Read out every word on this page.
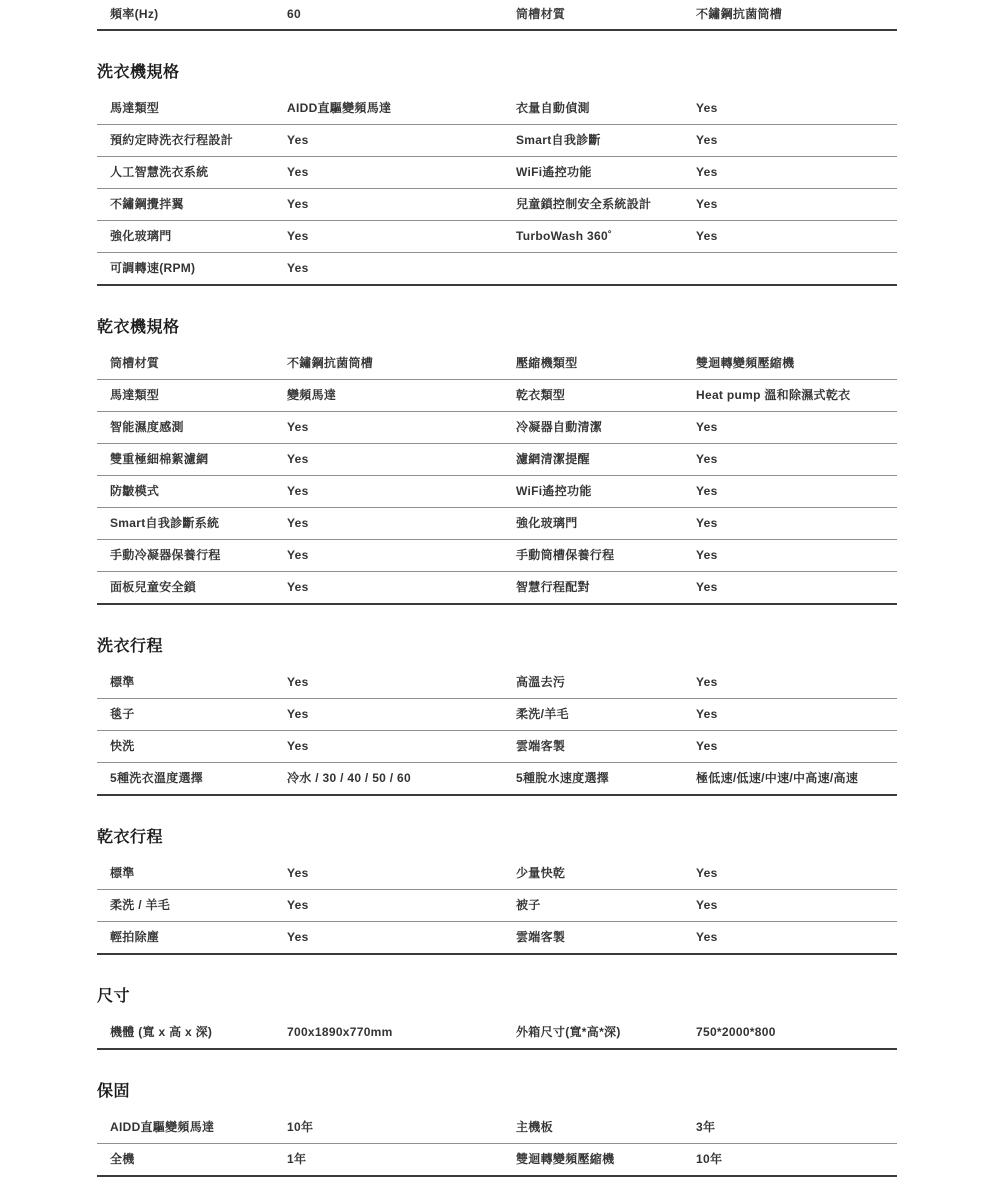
頻率(Hz)	60	筒槽材質	不鏽鋼抗菌筒槽
洗衣機規格
馬達類型	AIDD直驅變頻馬達	衣量自動偵測	Yes
預約定時洗衣行程設計	Yes	Smart自我診斷	Yes
人工智慧洗衣系統	Yes	WiFi遙控功能	Yes
不鏽鋼攪拌翼	Yes	兒童鎖控制安全系統設計	Yes
強化玻璃門	Yes	TurboWash 360˚	Yes
可調轉速(RPM)	Yes
乾衣機規格
筒槽材質	不鏽鋼抗菌筒槽	壓縮機類型	雙迴轉變頻壓縮機
馬達類型	變頻馬達	乾衣類型	Heat pump 溫和除濕式乾衣
智能濕度感測	Yes	冷凝器自動清潔	Yes
雙重極細棉絮濾網	Yes	濾網清潔提醒	Yes
防皺模式	Yes	WiFi遙控功能	Yes
Smart自我診斷系統	Yes	強化玻璃門	Yes
手動冷凝器保養行程	Yes	手動筒槽保養行程	Yes
面板兒童安全鎖	Yes	智慧行程配對	Yes
洗衣行程
標準	Yes	高溫去污	Yes
毯子	Yes	柔洗/羊毛	Yes
快洗	Yes	雲端客製	Yes
5種洗衣溫度選擇	冷水 / 30 / 40 / 50 / 60	5種脫水速度選擇	極低速/低速/中速/中高速/高速
乾衣行程
標準	Yes	少量快乾	Yes
柔洗 / 羊毛	Yes	被子	Yes
輕拍除塵	Yes	雲端客製	Yes
尺寸
機體 (寬 x 高 x 深)	700x1890x770mm	外箱尺寸(寬*高*深)	750*2000*800
保固
AIDD直驅變頻馬達	10年	主機板	3年
全機	1年	雙迴轉變頻壓縮機	10年
